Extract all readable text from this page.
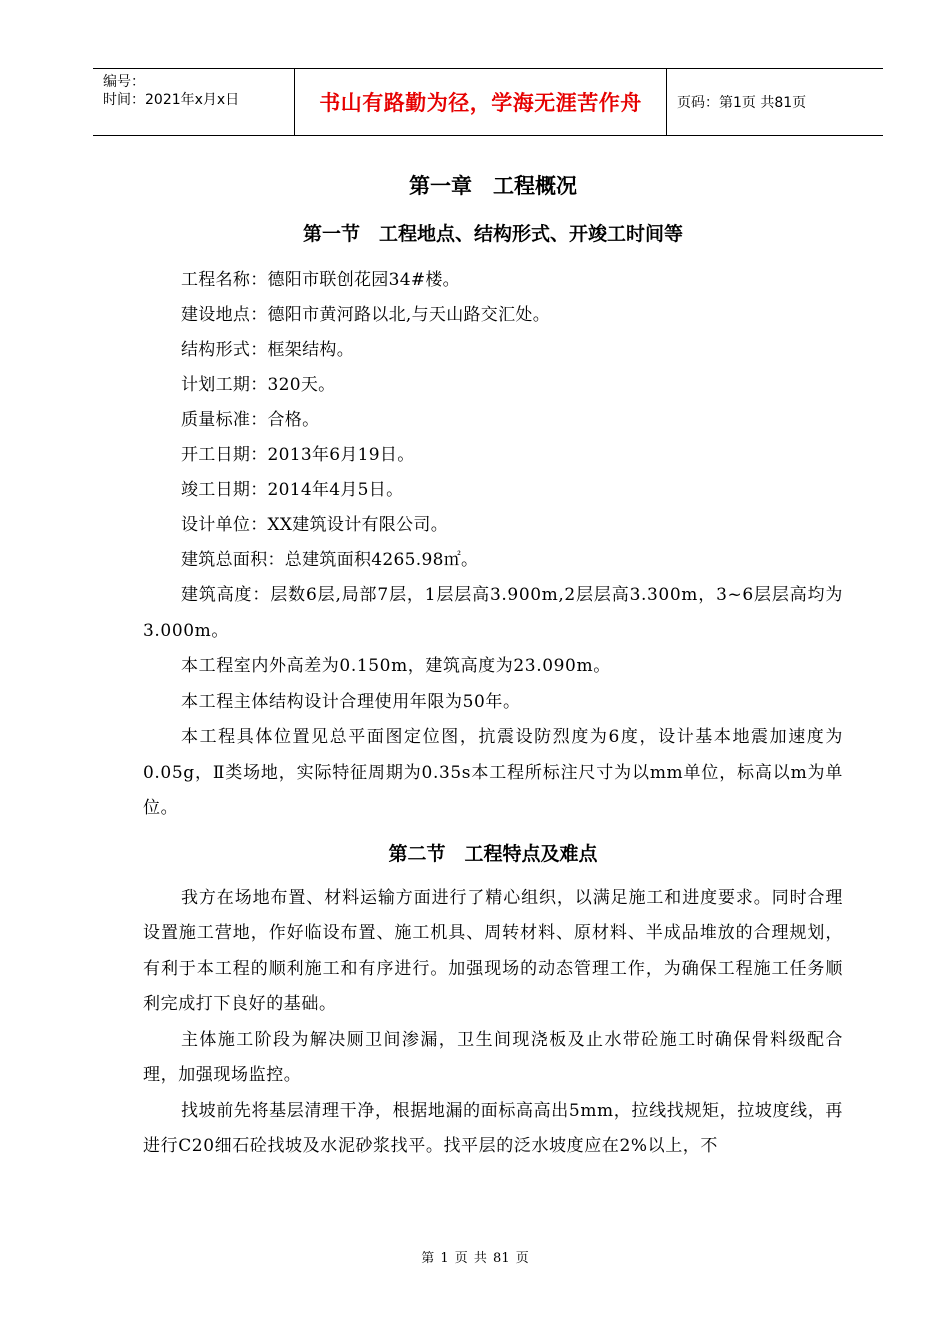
编号：
时间：2021年x月x日	书山有路勤为径，学海无涯苦作舟	页码：第1页 共81页
第一章　工程概况
第一节　工程地点、结构形式、开竣工时间等

工程名称：德阳市联创花园34#楼。

建设地点：德阳市黄河路以北,与天山路交汇处。

结构形式：框架结构。

计划工期：320天。

质量标准：合格。

开工日期：2013年6月19日。

竣工日期：2014年4月5日。

设计单位：XX建筑设计有限公司。

建筑总面积：总建筑面积4265.98㎡。

建筑高度：层数6层,局部7层，1层层高3.900m,2层层高3.300m，3~6层层高均为3.000m。

本工程室内外高差为0.150m，建筑高度为23.090m。

本工程主体结构设计合理使用年限为50年。

本工程具体位置见总平面图定位图，抗震设防烈度为6度，设计基本地震加速度为0.05g，Ⅱ类场地，实际特征周期为0.35s本工程所标注尺寸为以mm单位，标高以m为单位。

第二节　工程特点及难点

我方在场地布置、材料运输方面进行了精心组织，以满足施工和进度要求。同时合理设置施工营地，作好临设布置、施工机具、周转材料、原材料、半成品堆放的合理规划，有利于本工程的顺利施工和有序进行。加强现场的动态管理工作，为确保工程施工任务顺利完成打下良好的基础。

主体施工阶段为解决厕卫间渗漏，卫生间现浇板及止水带砼施工时确保骨料级配合理，加强现场监控。

找坡前先将基层清理干净，根据地漏的面标高高出5mm，拉线找规矩，拉坡度线，再进行C20细石砼找坡及水泥砂浆找平。找平层的泛水坡度应在2%以上，不

第 1 页 共 81 页
